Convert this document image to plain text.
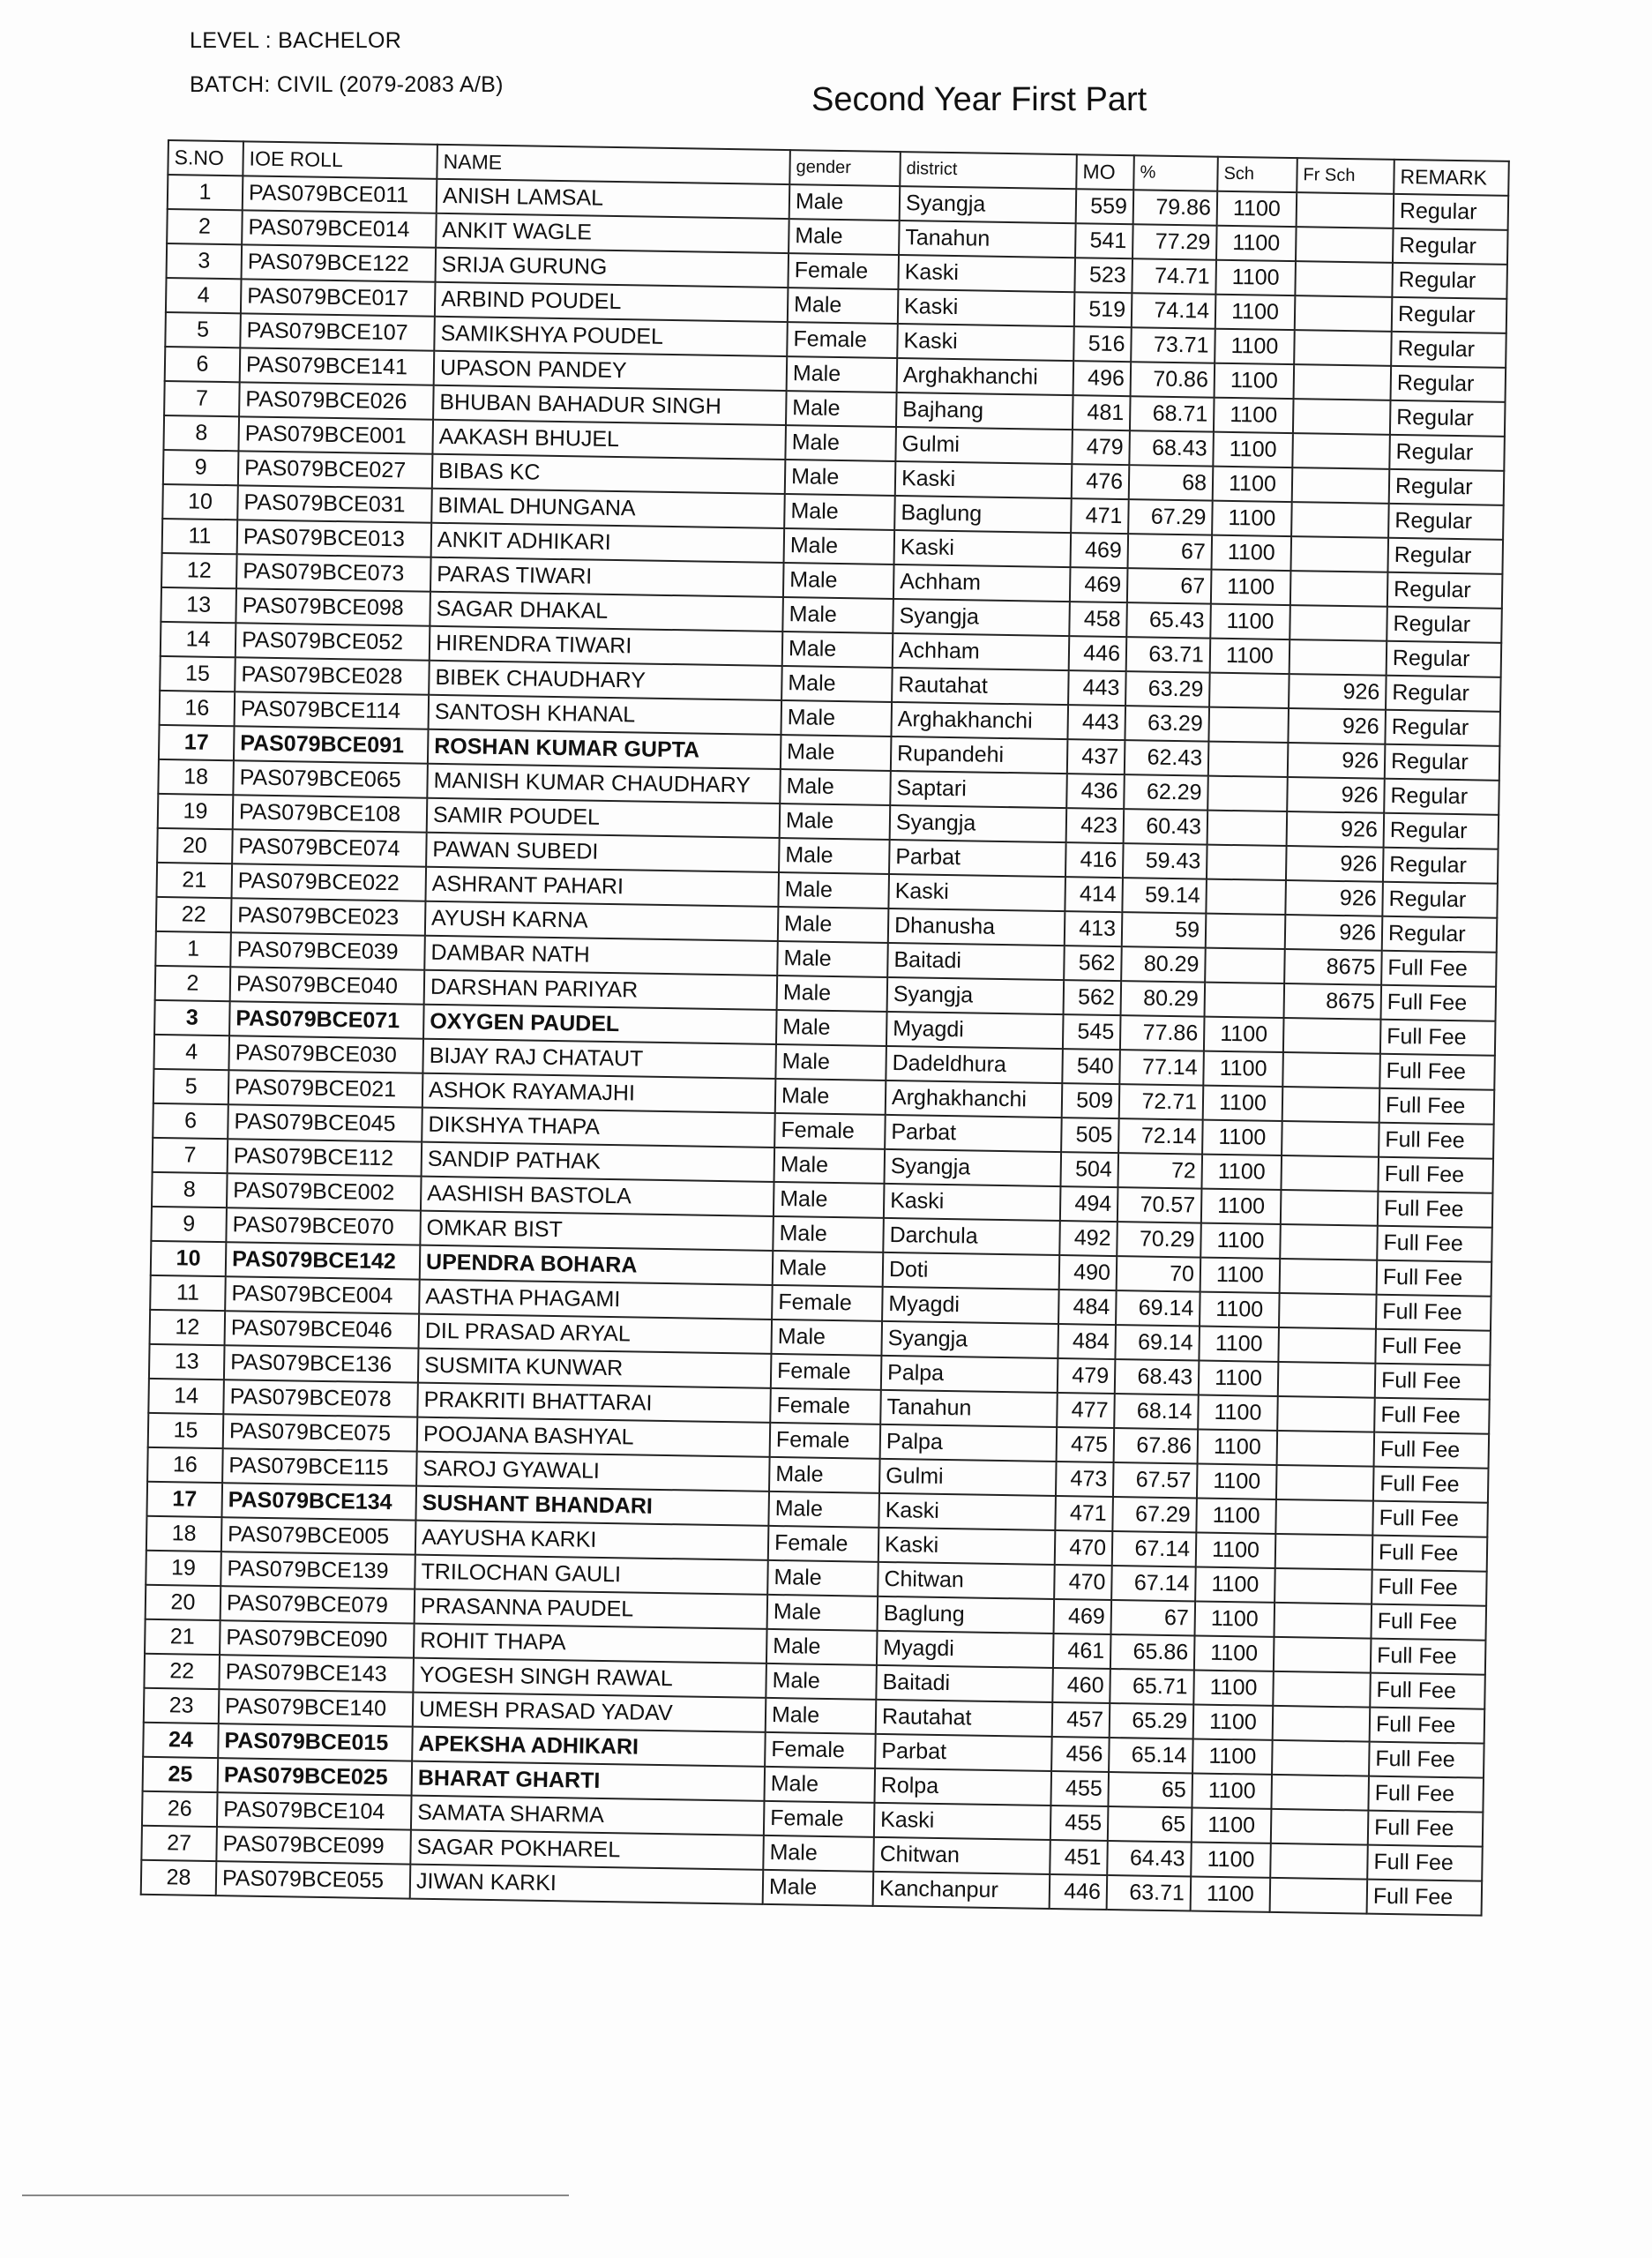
LEVEL : BACHELOR
BATCH: CIVIL (2079-2083 A/B)	Second Year First Part
S.NO	IOE ROLL	NAME	gender	district	MO	%	Sch	Fr Sch	REMARK
1	PAS079BCE011	ANISH LAMSAL	Male	Syangja	559	79.86	1100		Regular
2	PAS079BCE014	ANKIT WAGLE	Male	Tanahun	541	77.29	1100		Regular
3	PAS079BCE122	SRIJA GURUNG	Female	Kaski	523	74.71	1100		Regular
4	PAS079BCE017	ARBIND POUDEL	Male	Kaski	519	74.14	1100		Regular
5	PAS079BCE107	SAMIKSHYA POUDEL	Female	Kaski	516	73.71	1100		Regular
6	PAS079BCE141	UPASON PANDEY	Male	Arghakhanchi	496	70.86	1100		Regular
7	PAS079BCE026	BHUBAN BAHADUR SINGH	Male	Bajhang	481	68.71	1100		Regular
8	PAS079BCE001	AAKASH BHUJEL	Male	Gulmi	479	68.43	1100		Regular
9	PAS079BCE027	BIBAS KC	Male	Kaski	476	68	1100		Regular
10	PAS079BCE031	BIMAL DHUNGANA	Male	Baglung	471	67.29	1100		Regular
11	PAS079BCE013	ANKIT ADHIKARI	Male	Kaski	469	67	1100		Regular
12	PAS079BCE073	PARAS TIWARI	Male	Achham	469	67	1100		Regular
13	PAS079BCE098	SAGAR DHAKAL	Male	Syangja	458	65.43	1100		Regular
14	PAS079BCE052	HIRENDRA TIWARI	Male	Achham	446	63.71	1100		Regular
15	PAS079BCE028	BIBEK CHAUDHARY	Male	Rautahat	443	63.29		926	Regular
16	PAS079BCE114	SANTOSH KHANAL	Male	Arghakhanchi	443	63.29		926	Regular
17	PAS079BCE091	ROSHAN KUMAR GUPTA	Male	Rupandehi	437	62.43		926	Regular
18	PAS079BCE065	MANISH KUMAR CHAUDHARY	Male	Saptari	436	62.29		926	Regular
19	PAS079BCE108	SAMIR POUDEL	Male	Syangja	423	60.43		926	Regular
20	PAS079BCE074	PAWAN SUBEDI	Male	Parbat	416	59.43		926	Regular
21	PAS079BCE022	ASHRANT PAHARI	Male	Kaski	414	59.14		926	Regular
22	PAS079BCE023	AYUSH KARNA	Male	Dhanusha	413	59		926	Regular
1	PAS079BCE039	DAMBAR NATH	Male	Baitadi	562	80.29		8675	Full Fee
2	PAS079BCE040	DARSHAN PARIYAR	Male	Syangja	562	80.29		8675	Full Fee
3	PAS079BCE071	OXYGEN PAUDEL	Male	Myagdi	545	77.86	1100		Full Fee
4	PAS079BCE030	BIJAY RAJ CHATAUT	Male	Dadeldhura	540	77.14	1100		Full Fee
5	PAS079BCE021	ASHOK RAYAMAJHI	Male	Arghakhanchi	509	72.71	1100		Full Fee
6	PAS079BCE045	DIKSHYA THAPA	Female	Parbat	505	72.14	1100		Full Fee
7	PAS079BCE112	SANDIP PATHAK	Male	Syangja	504	72	1100		Full Fee
8	PAS079BCE002	AASHISH BASTOLA	Male	Kaski	494	70.57	1100		Full Fee
9	PAS079BCE070	OMKAR BIST	Male	Darchula	492	70.29	1100		Full Fee
10	PAS079BCE142	UPENDRA BOHARA	Male	Doti	490	70	1100		Full Fee
11	PAS079BCE004	AASTHA PHAGAMI	Female	Myagdi	484	69.14	1100		Full Fee
12	PAS079BCE046	DIL PRASAD ARYAL	Male	Syangja	484	69.14	1100		Full Fee
13	PAS079BCE136	SUSMITA KUNWAR	Female	Palpa	479	68.43	1100		Full Fee
14	PAS079BCE078	PRAKRITI BHATTARAI	Female	Tanahun	477	68.14	1100		Full Fee
15	PAS079BCE075	POOJANA BASHYAL	Female	Palpa	475	67.86	1100		Full Fee
16	PAS079BCE115	SAROJ GYAWALI	Male	Gulmi	473	67.57	1100		Full Fee
17	PAS079BCE134	SUSHANT BHANDARI	Male	Kaski	471	67.29	1100		Full Fee
18	PAS079BCE005	AAYUSHA KARKI	Female	Kaski	470	67.14	1100		Full Fee
19	PAS079BCE139	TRILOCHAN GAULI	Male	Chitwan	470	67.14	1100		Full Fee
20	PAS079BCE079	PRASANNA PAUDEL	Male	Baglung	469	67	1100		Full Fee
21	PAS079BCE090	ROHIT THAPA	Male	Myagdi	461	65.86	1100		Full Fee
22	PAS079BCE143	YOGESH SINGH RAWAL	Male	Baitadi	460	65.71	1100		Full Fee
23	PAS079BCE140	UMESH PRASAD YADAV	Male	Rautahat	457	65.29	1100		Full Fee
24	PAS079BCE015	APEKSHA ADHIKARI	Female	Parbat	456	65.14	1100		Full Fee
25	PAS079BCE025	BHARAT GHARTI	Male	Rolpa	455	65	1100		Full Fee
26	PAS079BCE104	SAMATA SHARMA	Female	Kaski	455	65	1100		Full Fee
27	PAS079BCE099	SAGAR POKHAREL	Male	Chitwan	451	64.43	1100		Full Fee
28	PAS079BCE055	JIWAN KARKI	Male	Kanchanpur	446	63.71	1100		Full Fee
